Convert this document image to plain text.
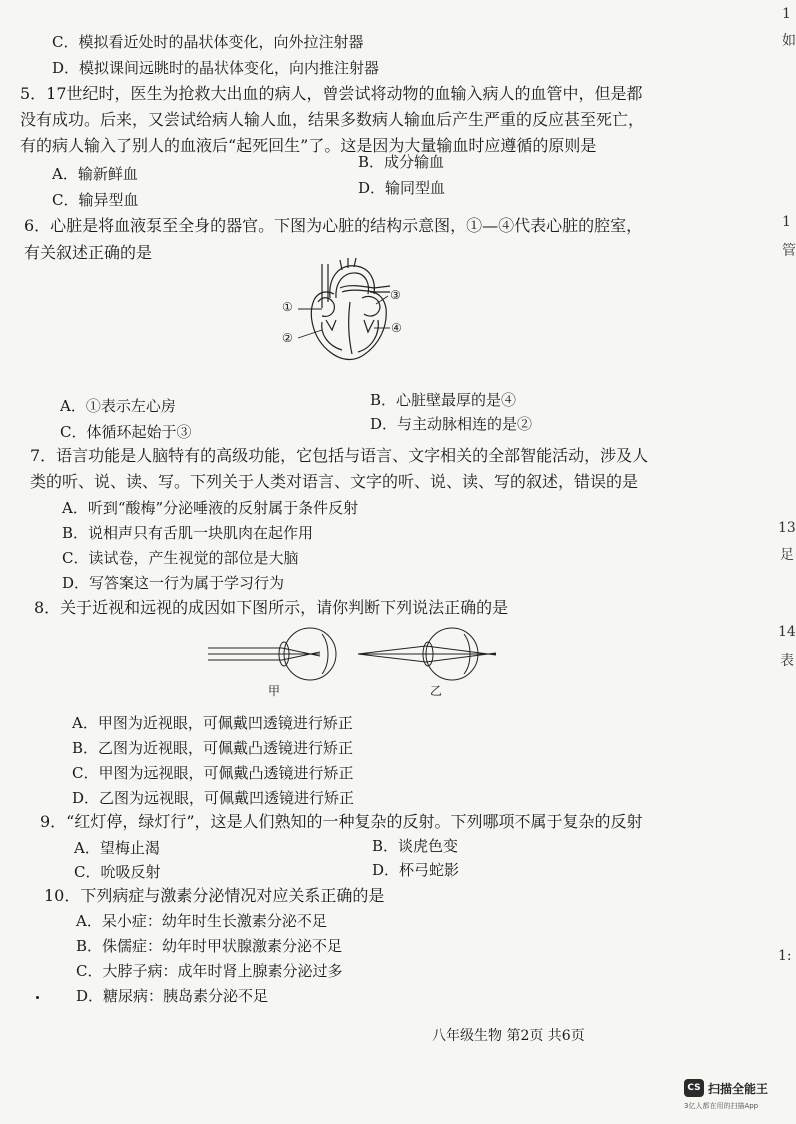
C．模拟看近处时的晶状体变化，向外拉注射器
D．模拟课间远眺时的晶状体变化，向内推注射器
5．17世纪时，医生为抢救大出血的病人，曾尝试将动物的血输入病人的血管中，但是都
没有成功。后来，又尝试给病人输人血，结果多数病人输血后产生严重的反应甚至死亡，
有的病人输入了别人的血液后“起死回生”了。这是因为大量输血时应遵循的原则是
A．输新鲜血
B．成分输血
C．输异型血
D．输同型血
6．心脏是将血液泵至全身的器官。下图为心脏的结构示意图，①—④代表心脏的腔室，
有关叙述正确的是
①
②
③
④
A．①表示左心房	B．心脏壁最厚的是④
C．体循环起始于③	D．与主动脉相连的是②
7．语言功能是人脑特有的高级功能，它包括与语言、文字相关的全部智能活动，涉及人
类的听、说、读、写。下列关于人类对语言、文字的听、说、读、写的叙述，错误的是
A．听到“酸梅”分泌唾液的反射属于条件反射
B．说相声只有舌肌一块肌肉在起作用
C．读试卷，产生视觉的部位是大脑
D．写答案这一行为属于学习行为
8．关于近视和远视的成因如下图所示，请你判断下列说法正确的是
甲	乙
A．甲图为近视眼，可佩戴凹透镜进行矫正
B．乙图为近视眼，可佩戴凸透镜进行矫正
C．甲图为远视眼，可佩戴凸透镜进行矫正
D．乙图为远视眼，可佩戴凹透镜进行矫正
9．“红灯停，绿灯行”，这是人们熟知的一种复杂的反射。下列哪项不属于复杂的反射
A．望梅止渴	B．谈虎色变
C．吮吸反射	D．杯弓蛇影
10．下列病症与激素分泌情况对应关系正确的是
A．呆小症：幼年时生长激素分泌不足
B．侏儒症：幼年时甲状腺激素分泌不足
C．大脖子病：成年时肾上腺素分泌过多
D．糖尿病：胰岛素分泌不足
八年级生物 第2页 共6页
1
如
1
管
13
足
14
表
1:
CS 扫描全能王
3亿人都在用的扫描App
